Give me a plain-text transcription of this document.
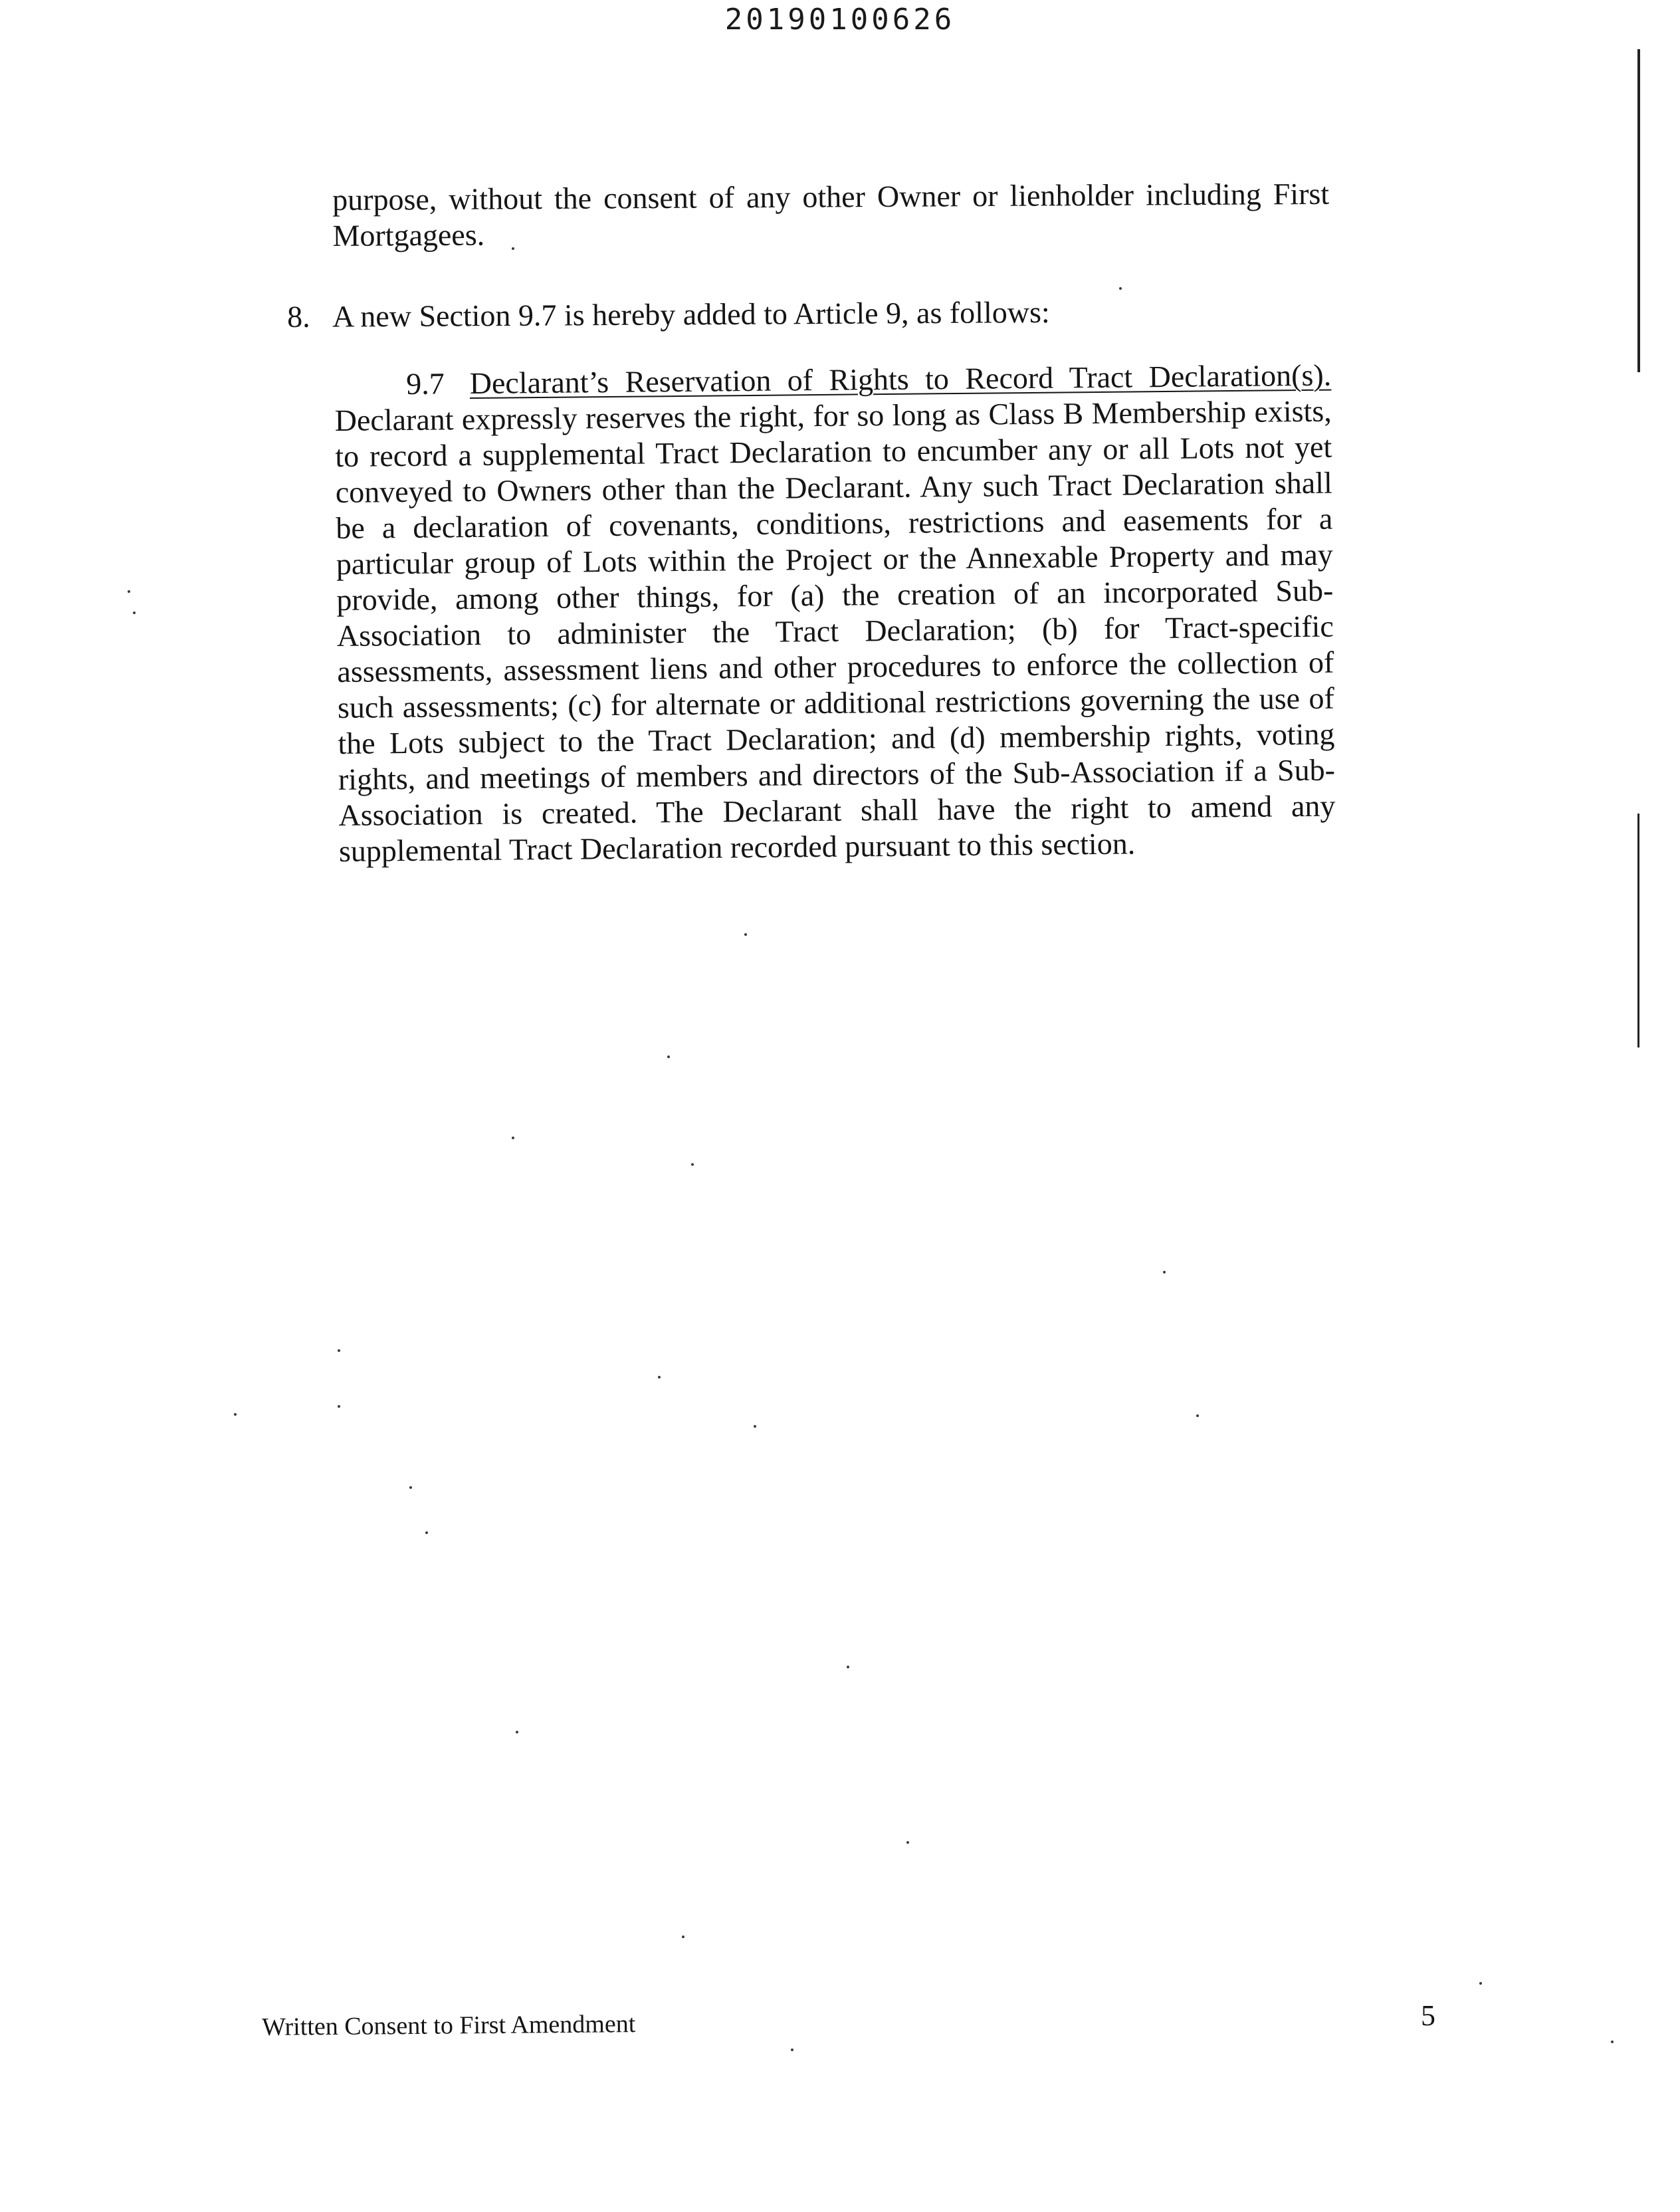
20190100626

purpose, without the consent of any other Owner or lienholder including First Mortgagees.

8. A new Section 9.7 is hereby added to Article 9, as follows:

9.7 Declarant’s Reservation of Rights to Record Tract Declaration(s). Declarant expressly reserves the right, for so long as Class B Membership exists, to record a supplemental Tract Declaration to encumber any or all Lots not yet conveyed to Owners other than the Declarant. Any such Tract Declaration shall be a declaration of covenants, conditions, restrictions and easements for a particular group of Lots within the Project or the Annexable Property and may provide, among other things, for (a) the creation of an incorporated Sub-Association to administer the Tract Declaration; (b) for Tract-specific assessments, assessment liens and other procedures to enforce the collection of such assessments; (c) for alternate or additional restrictions governing the use of the Lots subject to the Tract Declaration; and (d) membership rights, voting rights, and meetings of members and directors of the Sub-Association if a Sub-Association is created. The Declarant shall have the right to amend any supplemental Tract Declaration recorded pursuant to this section.

Written Consent to First Amendment	5
